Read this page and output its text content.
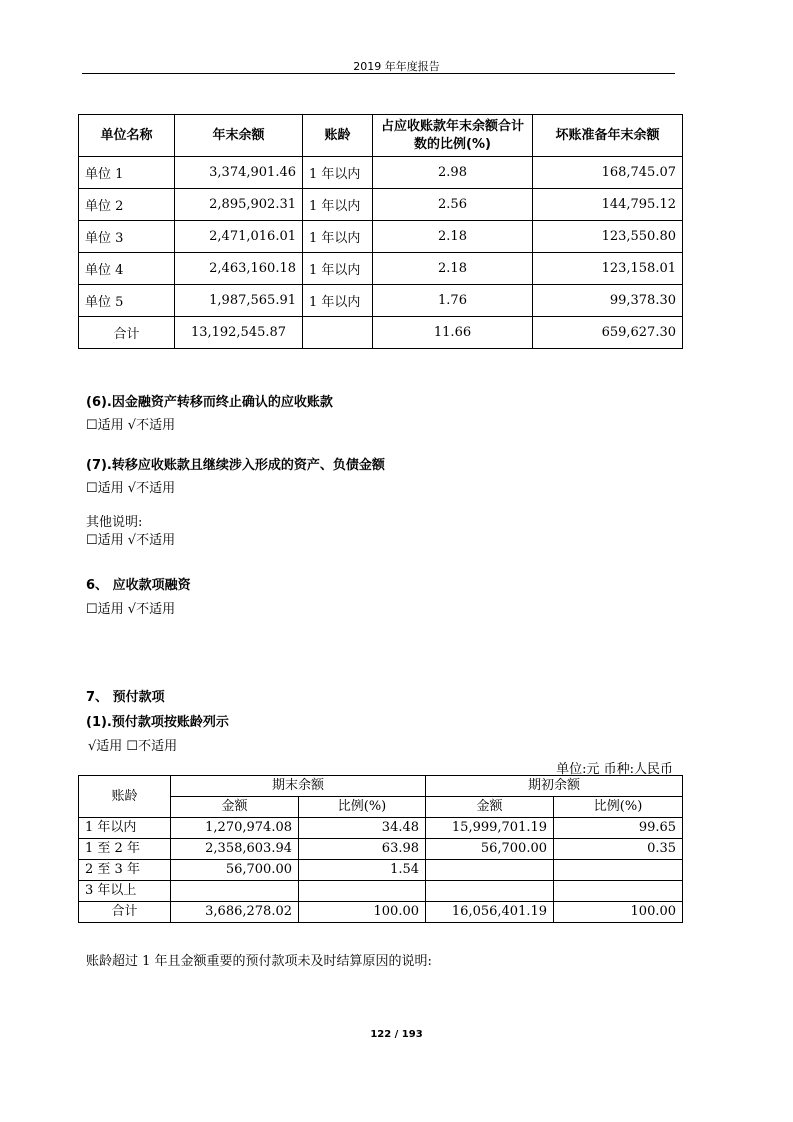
2019 年年度报告
单位名称	年末余额	账龄	占应收账款年末余额合计数的比例(%)	坏账准备年末余额
单位 1	3,374,901.46	1 年以内	2.98	168,745.07
单位 2	2,895,902.31	1 年以内	2.56	144,795.12
单位 3	2,471,016.01	1 年以内	2.18	123,550.80
单位 4	2,463,160.18	1 年以内	2.18	123,158.01
单位 5	1,987,565.91	1 年以内	1.76	99,378.30
合计	13,192,545.87		11.66	659,627.30
(6).因金融资产转移而终止确认的应收账款
☐适用 √不适用
(7).转移应收账款且继续涉入形成的资产、负债金额
☐适用 √不适用
其他说明:
☐适用 √不适用
6、 应收款项融资
☐适用 √不适用
7、 预付款项
(1).预付款项按账龄列示
√适用 ☐不适用
单位:元 币种:人民币
账龄	期末余额		期初余额	
	金额	比例(%)	金额	比例(%)
1 年以内	1,270,974.08	34.48	15,999,701.19	99.65
1 至 2 年	2,358,603.94	63.98	56,700.00	0.35
2 至 3 年	56,700.00	1.54		
3 年以上				
合计	3,686,278.02	100.00	16,056,401.19	100.00
账龄超过 1 年且金额重要的预付款项未及时结算原因的说明:
122 / 193
